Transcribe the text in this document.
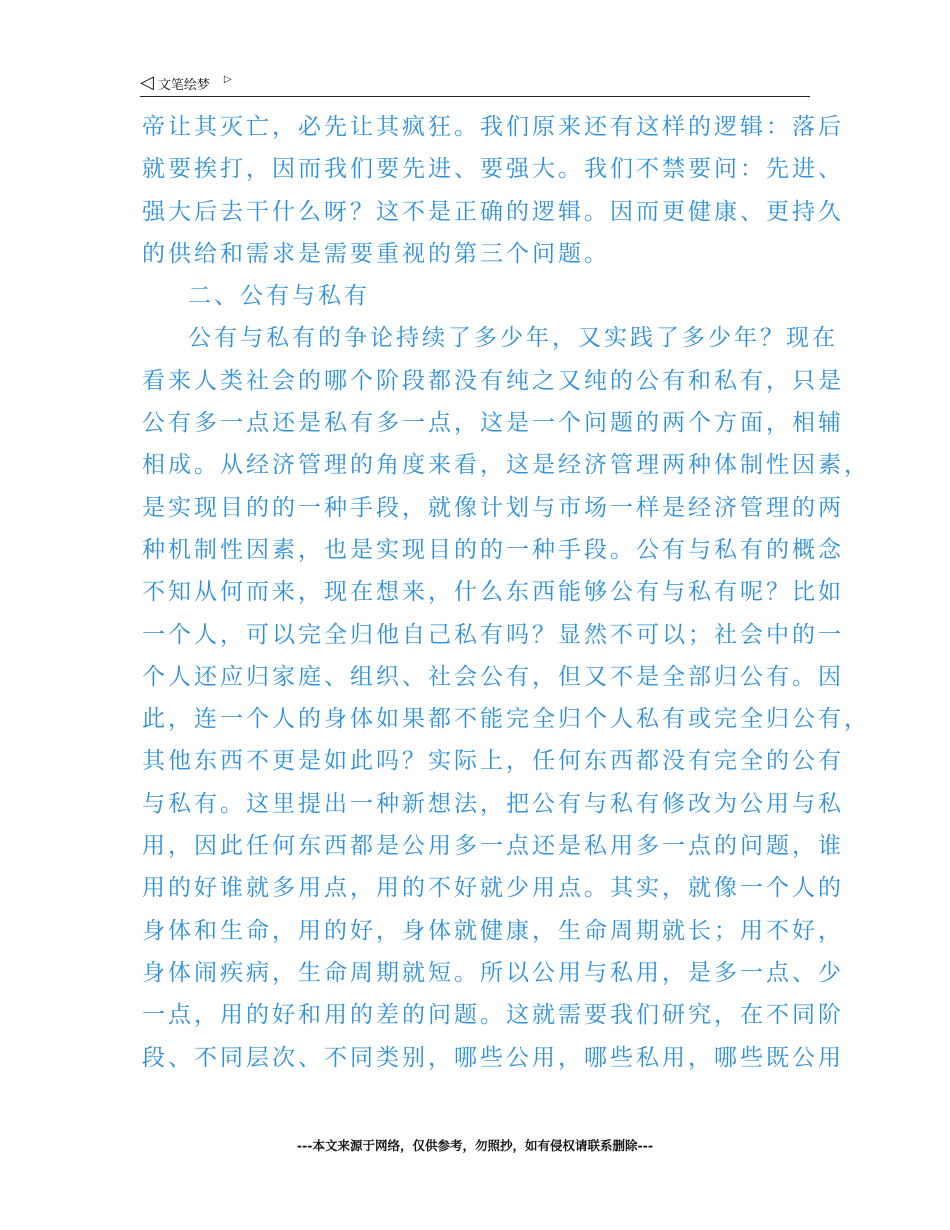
◁ 文笔绘梦 ▷
帝让其灭亡，必先让其疯狂。我们原来还有这样的逻辑：落后
就要挨打，因而我们要先进、要强大。我们不禁要问：先进、
强大后去干什么呀？这不是正确的逻辑。因而更健康、更持久
的供给和需求是需要重视的第三个问题。
二、公有与私有
公有与私有的争论持续了多少年，又实践了多少年？现在
看来人类社会的哪个阶段都没有纯之又纯的公有和私有，只是
公有多一点还是私有多一点，这是一个问题的两个方面，相辅
相成。从经济管理的角度来看，这是经济管理两种体制性因素，
是实现目的的一种手段，就像计划与市场一样是经济管理的两
种机制性因素，也是实现目的的一种手段。公有与私有的概念
不知从何而来，现在想来，什么东西能够公有与私有呢？比如
一个人，可以完全归他自己私有吗？显然不可以；社会中的一
个人还应归家庭、组织、社会公有，但又不是全部归公有。因
此，连一个人的身体如果都不能完全归个人私有或完全归公有，
其他东西不更是如此吗？实际上，任何东西都没有完全的公有
与私有。这里提出一种新想法，把公有与私有修改为公用与私
用，因此任何东西都是公用多一点还是私用多一点的问题，谁
用的好谁就多用点，用的不好就少用点。其实，就像一个人的
身体和生命，用的好，身体就健康，生命周期就长；用不好，
身体闹疾病，生命周期就短。所以公用与私用，是多一点、少
一点，用的好和用的差的问题。这就需要我们研究，在不同阶
段、不同层次、不同类别，哪些公用，哪些私用，哪些既公用
---本文来源于网络，仅供参考，勿照抄，如有侵权请联系删除---
